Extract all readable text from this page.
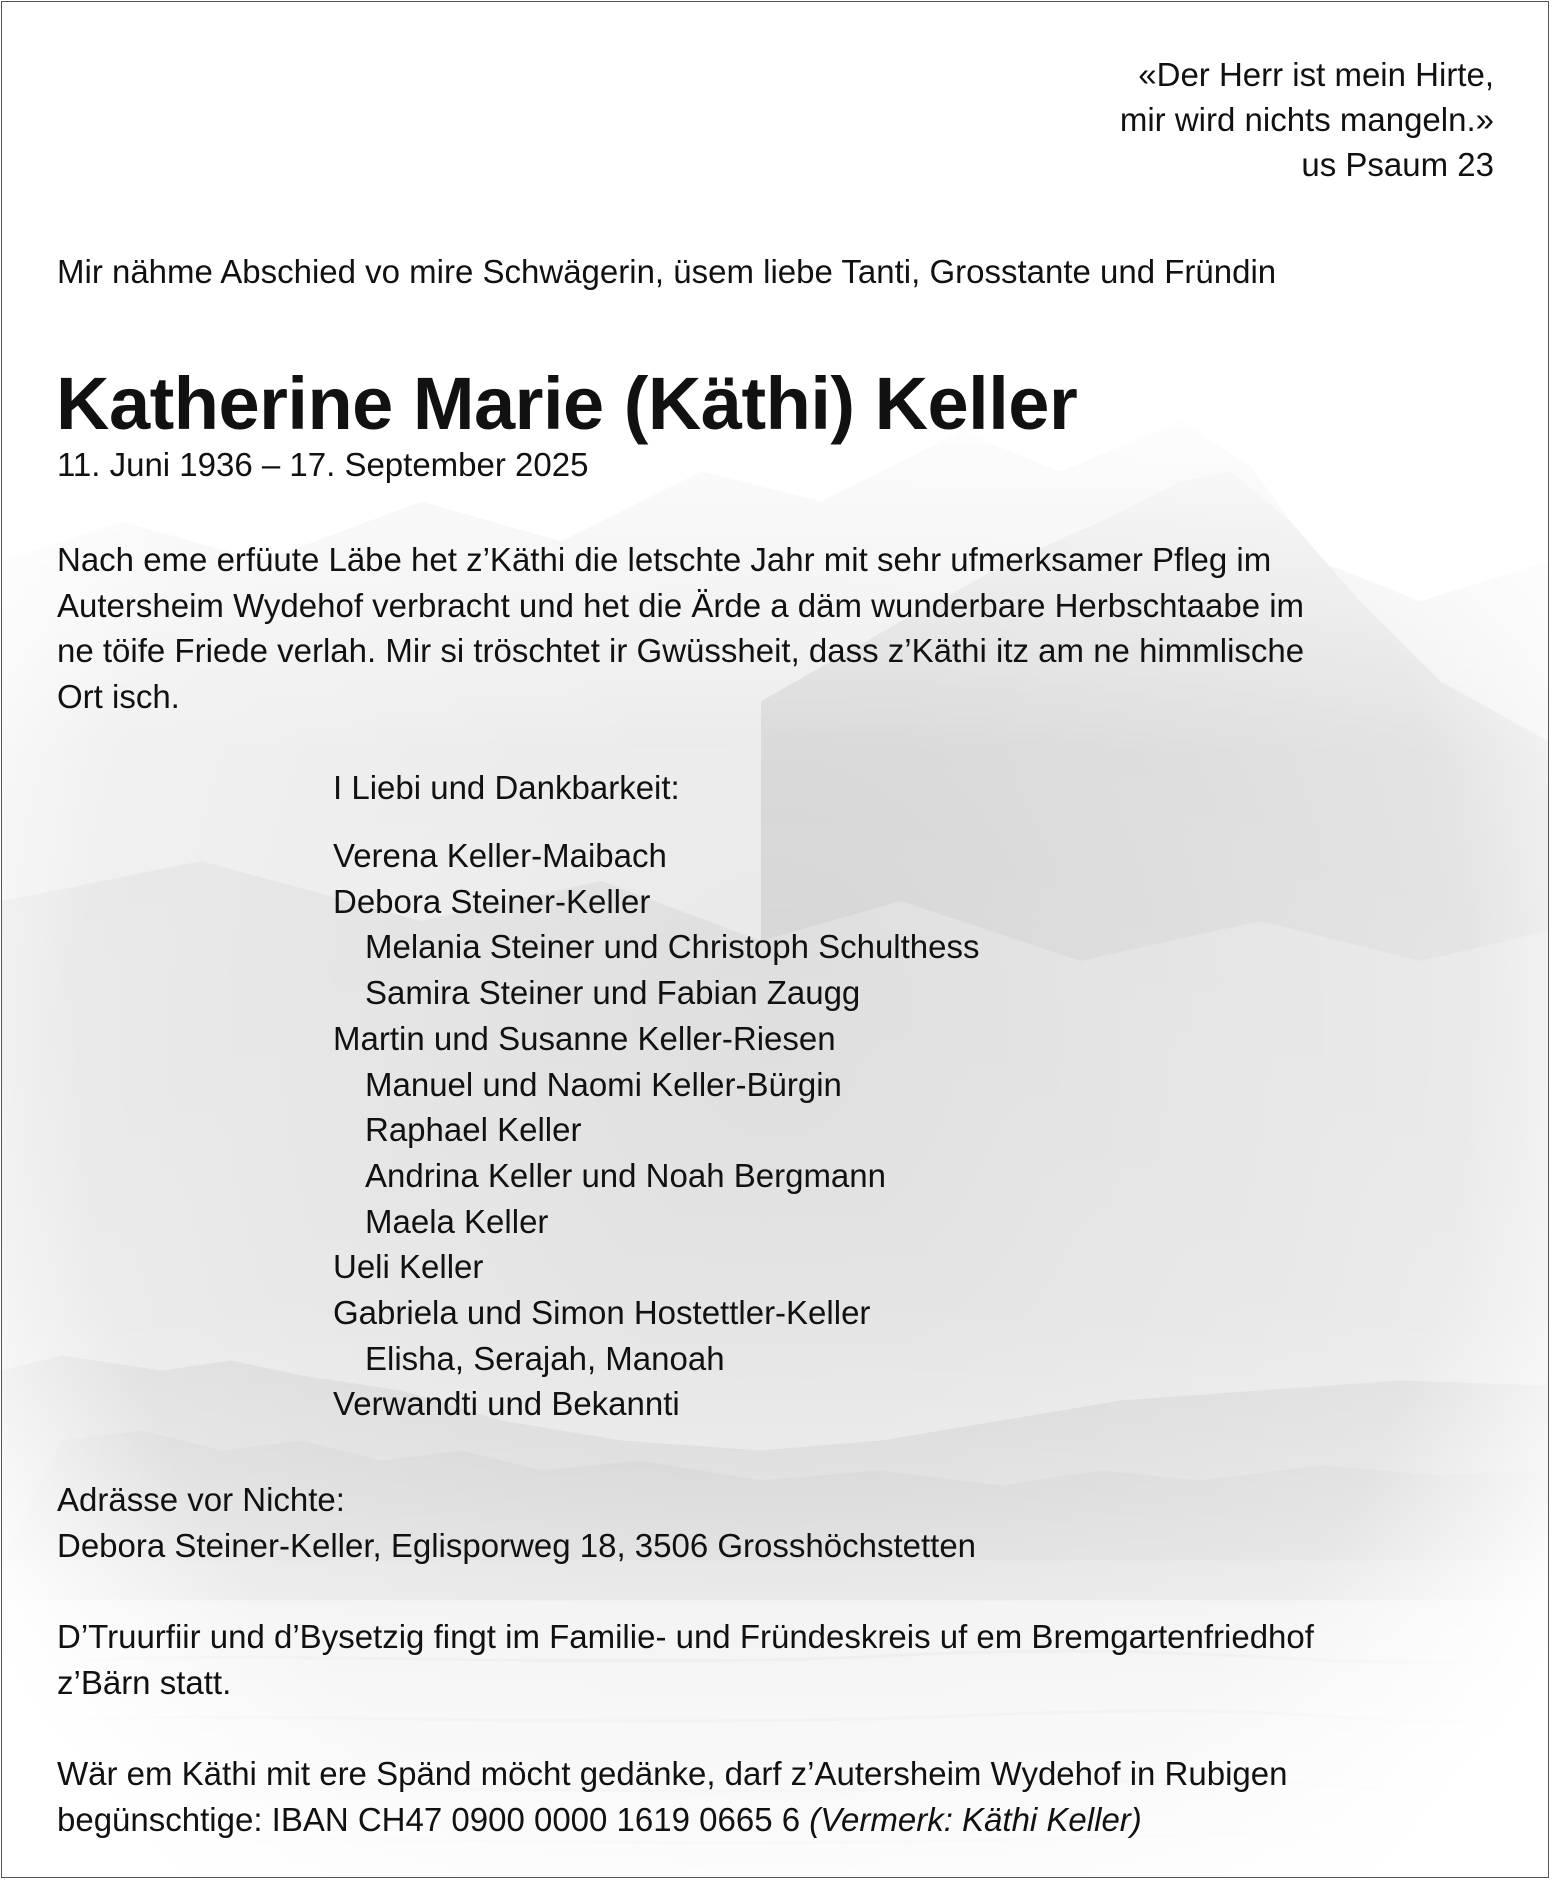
«Der Herr ist mein Hirte,
mir wird nichts mangeln.»
us Psaum 23
Mir nähme Abschied vo mire Schwägerin, üsem liebe Tanti, Grosstante und Fründin
Katherine Marie (Käthi) Keller
11. Juni 1936 – 17. September 2025
Nach eme erfüute Läbe het z’Käthi die letschte Jahr mit sehr ufmerksamer Pfleg im
Autersheim Wydehof verbracht und het die Ärde a däm wunderbare Herbschtaabe im
ne töife Friede verlah. Mir si tröschtet ir Gwüssheit, dass z’Käthi itz am ne himmlische
Ort isch.
I Liebi und Dankbarkeit:
Verena Keller-Maibach
Debora Steiner-Keller
Melania Steiner und Christoph Schulthess
Samira Steiner und Fabian Zaugg
Martin und Susanne Keller-Riesen
Manuel und Naomi Keller-Bürgin
Raphael Keller
Andrina Keller und Noah Bergmann
Maela Keller
Ueli Keller
Gabriela und Simon Hostettler-Keller
Elisha, Serajah, Manoah
Verwandti und Bekannti
Adrässe vor Nichte:
Debora Steiner-Keller, Eglisporweg 18, 3506 Grosshöchstetten
D’Truurfiir und d’Bysetzig fingt im Familie- und Fründeskreis uf em Bremgartenfriedhof
z’Bärn statt.
Wär em Käthi mit ere Spänd möcht gedänke, darf z’Autersheim Wydehof in Rubigen
begünschtige: IBAN CH47 0900 0000 1619 0665 6 (Vermerk: Käthi Keller)
